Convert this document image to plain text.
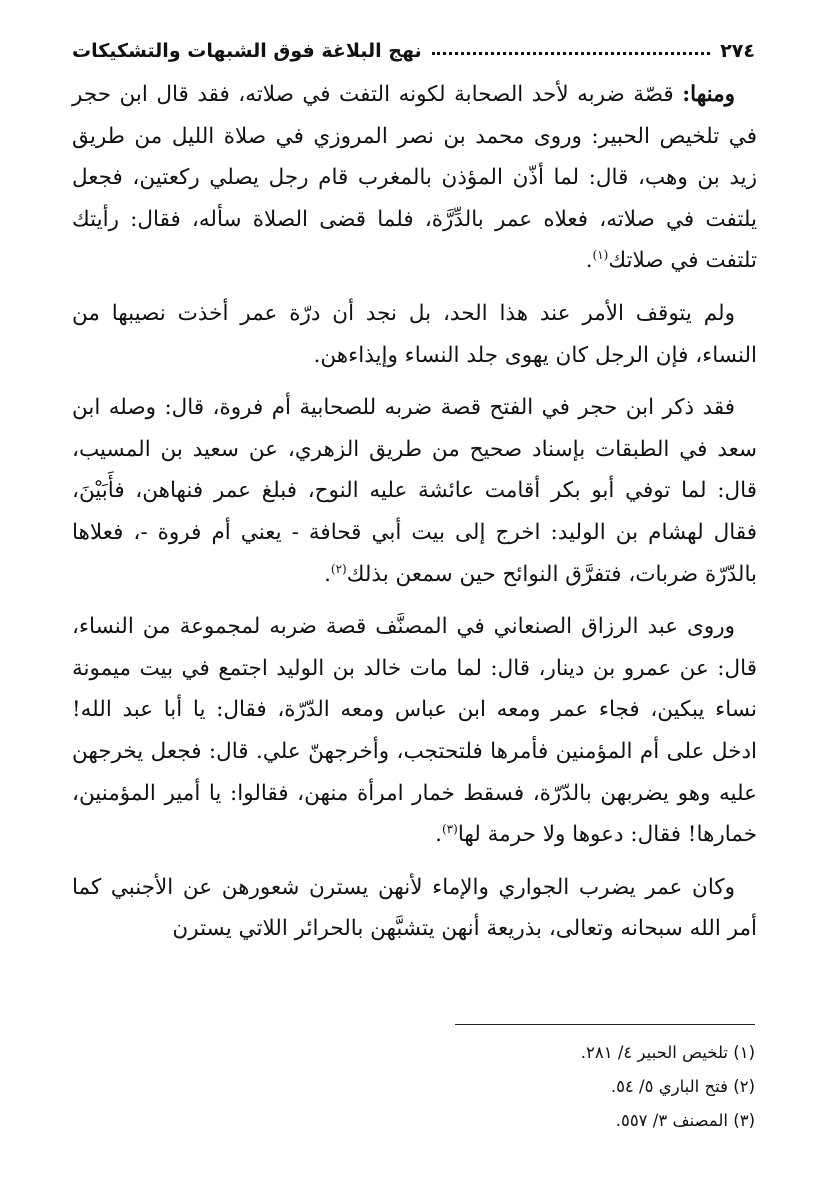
٢٧٤
نهج البلاغة فوق الشبهات والتشكيكات

ومنها: قصّة ضربه لأحد الصحابة لكونه التفت في صلاته، فقد قال ابن حجر في تلخيص الحبير: وروى محمد بن نصر المروزي في صلاة الليل من طريق زيد بن وهب، قال: لما أذّن المؤذن بالمغرب قام رجل يصلي ركعتين، فجعل يلتفت في صلاته، فعلاه عمر بالدِّرَّة، فلما قضى الصلاة سأله، فقال: رأيتك تلتفت في صلاتك$^{(١)}$.

ولم يتوقف الأمر عند هذا الحد، بل نجد أن درّة عمر أخذت نصيبها من النساء، فإن الرجل كان يهوى جلد النساء وإيذاءهن.

فقد ذكر ابن حجر في الفتح قصة ضربه للصحابية أم فروة، قال: وصله ابن سعد في الطبقات بإسناد صحيح من طريق الزهري، عن سعيد بن المسيب، قال: لما توفي أبو بكر أقامت عائشة عليه النوح، فبلغ عمر فنهاهن، فأَبَيْنَ، فقال لهشام بن الوليد: اخرج إلى بيت أبي قحافة - يعني أم فروة -، فعلاها بالدّرّة ضربات، فتفرَّق النوائح حين سمعن بذلك$^{(٢)}$.

وروى عبد الرزاق الصنعاني في المصنَّف قصة ضربه لمجموعة من النساء، قال: عن عمرو بن دينار، قال: لما مات خالد بن الوليد اجتمع في بيت ميمونة نساء يبكين، فجاء عمر ومعه ابن عباس ومعه الدّرّة، فقال: يا أبا عبد الله! ادخل على أم المؤمنين فأمرها فلتحتجب، وأخرجهنّ علي. قال: فجعل يخرجهن عليه وهو يضربهن بالدّرّة، فسقط خمار امرأة منهن، فقالوا: يا أمير المؤمنين، خمارها! فقال: دعوها ولا حرمة لها$^{(٣)}$.

وكان عمر يضرب الجواري والإماء لأنهن يسترن شعورهن عن الأجنبي كما أمر الله سبحانه وتعالى، بذريعة أنهن يتشبَّهن بالحرائر اللاتي يسترن

(١) تلخيص الحبير ٤/ ٢٨١.
(٢) فتح الباري ٥/ ٥٤.
(٣) المصنف ٣/ ٥٥٧.
